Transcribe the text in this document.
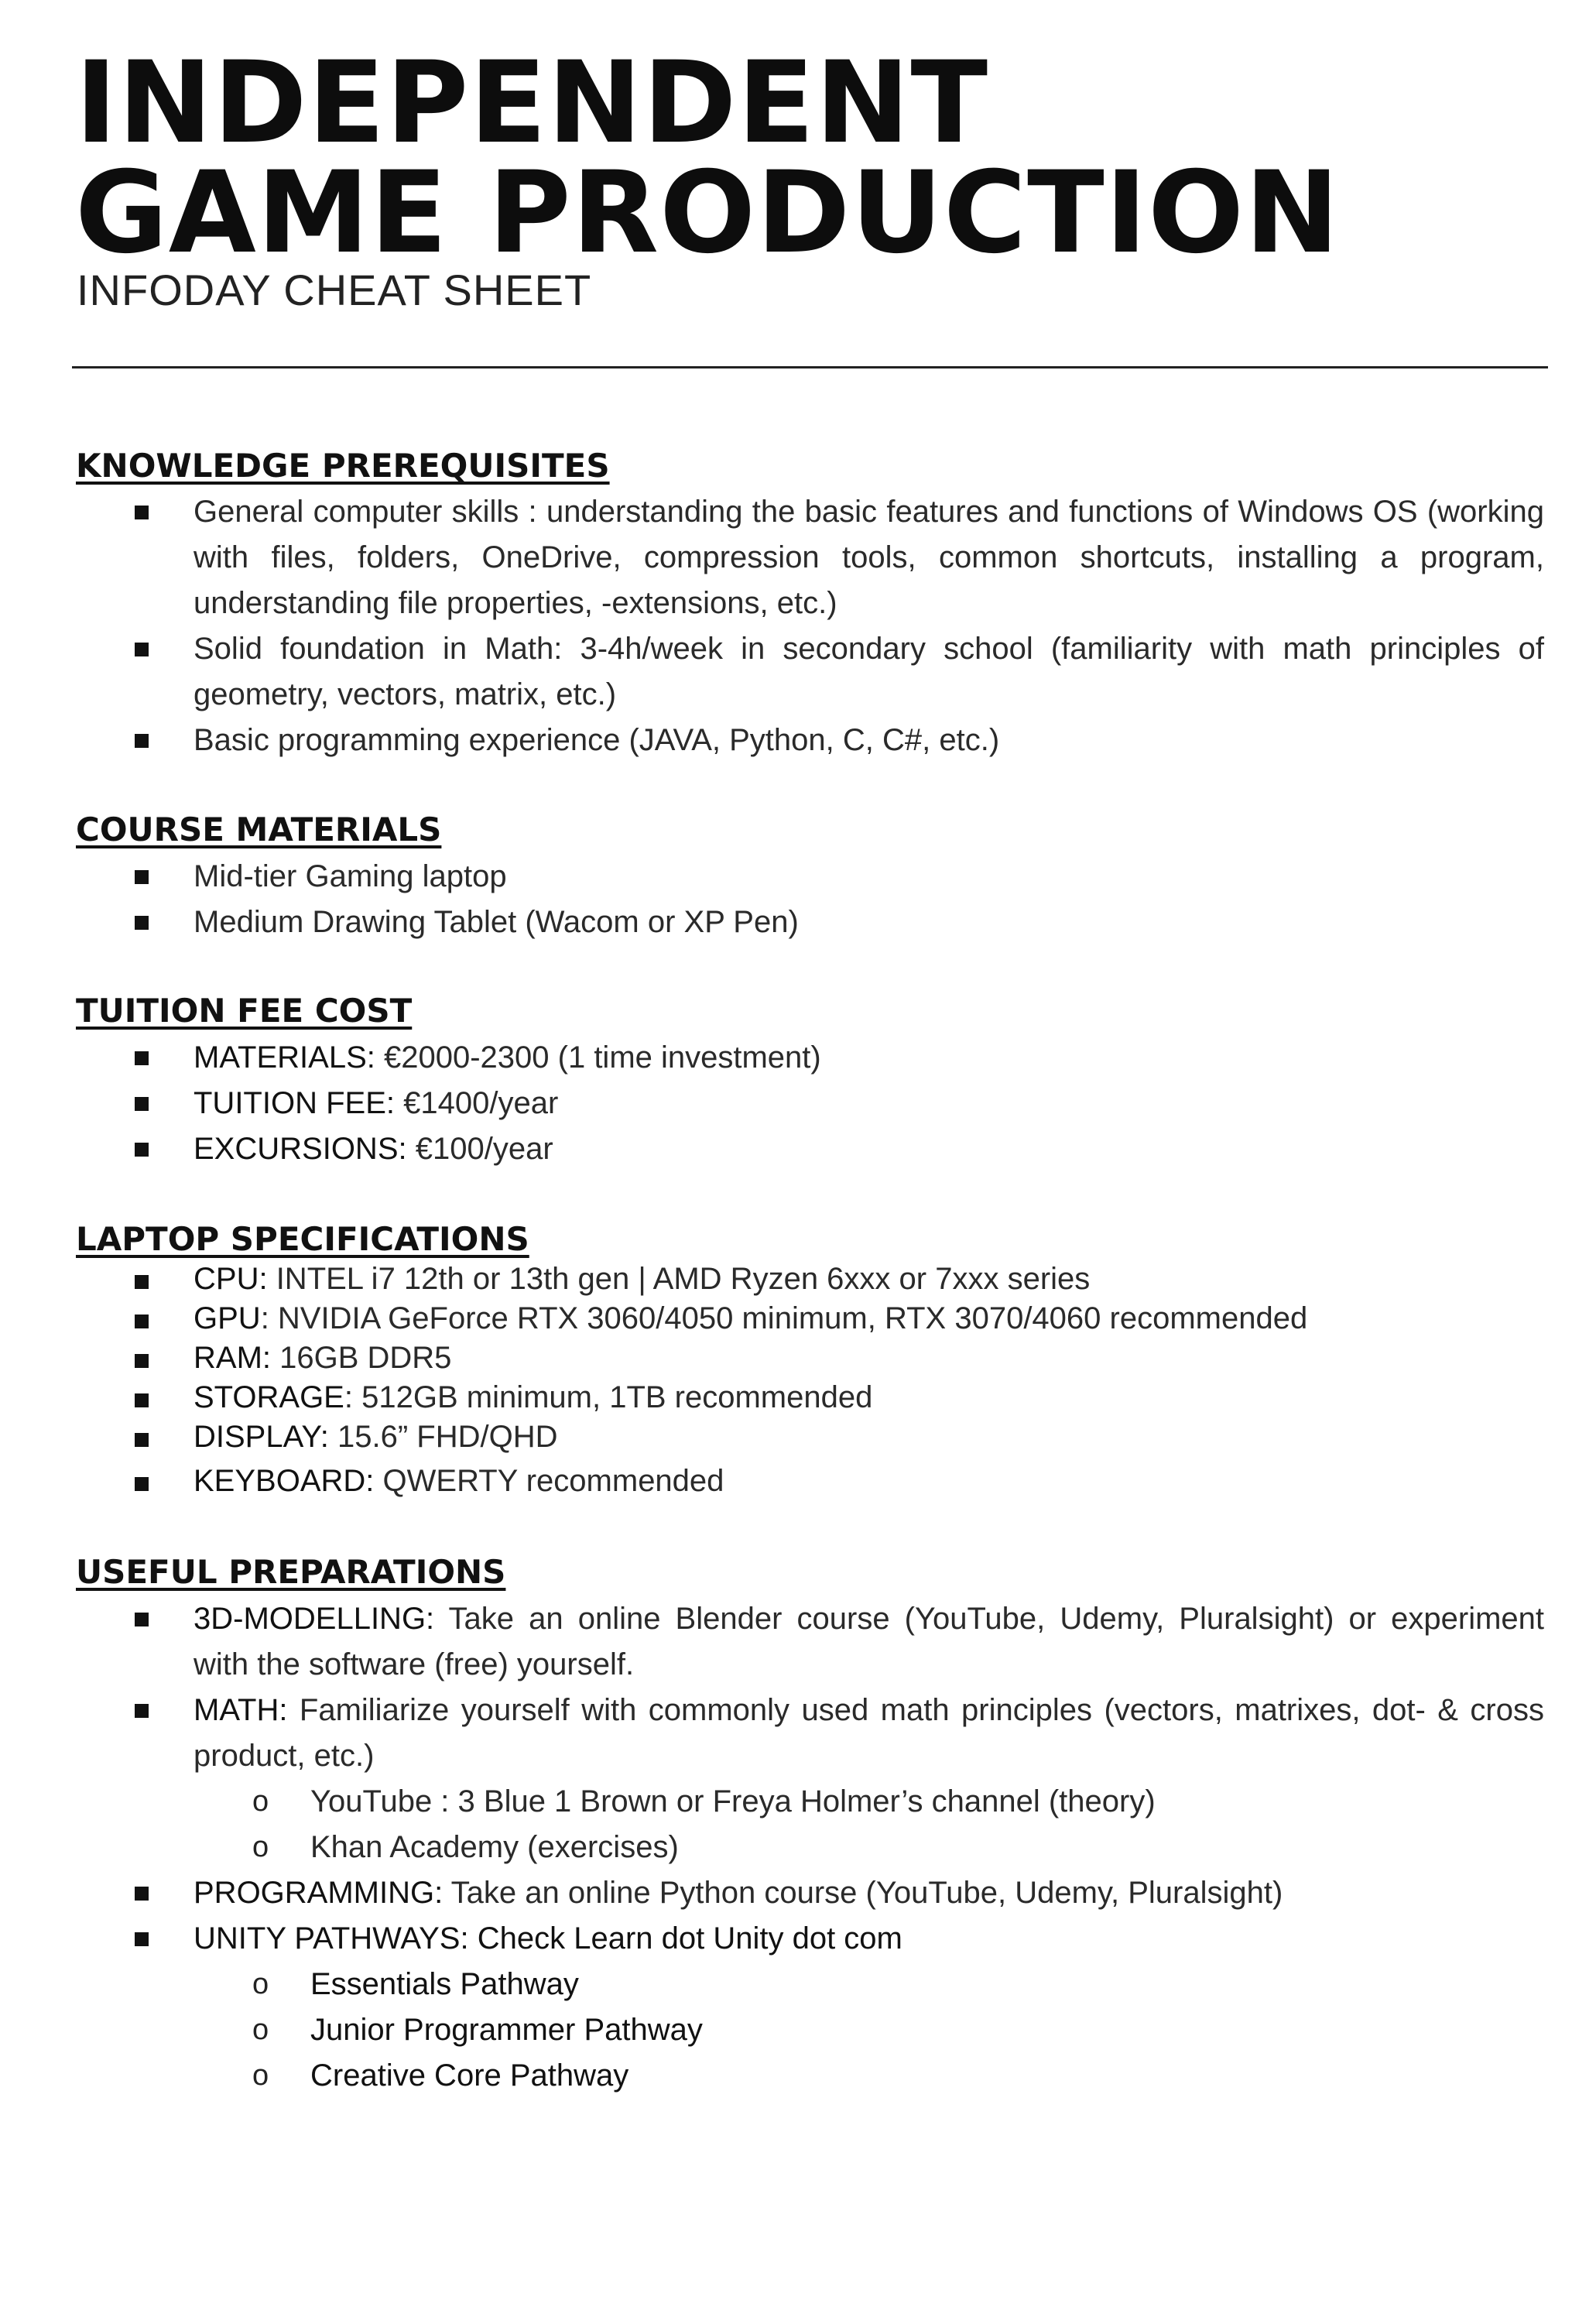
INDEPENDENT
GAME PRODUCTION
INFODAY CHEAT SHEET
KNOWLEDGE PREREQUISITES
General computer skills : understanding the basic features and functions of Windows OS (working with files, folders, OneDrive, compression tools, common shortcuts, installing a program, understanding file properties, -extensions, etc.)
Solid foundation in Math: 3-4h/week in secondary school (familiarity with math principles of geometry, vectors, matrix, etc.)
Basic programming experience (JAVA, Python, C, C#, etc.)
COURSE MATERIALS
Mid-tier Gaming laptop
Medium Drawing Tablet (Wacom or XP Pen)
TUITION FEE COST
MATERIALS: €2000-2300 (1 time investment)
TUITION FEE: €1400/year
EXCURSIONS: €100/year
LAPTOP SPECIFICATIONS
CPU: INTEL i7 12th or 13th gen | AMD Ryzen 6xxx or 7xxx series
GPU: NVIDIA GeForce RTX 3060/4050 minimum, RTX 3070/4060 recommended
RAM: 16GB DDR5
STORAGE: 512GB minimum, 1TB recommended
DISPLAY: 15.6” FHD/QHD
KEYBOARD: QWERTY recommended
USEFUL PREPARATIONS
3D-MODELLING: Take an online Blender course (YouTube, Udemy, Pluralsight) or experiment with the software (free) yourself.
MATH: Familiarize yourself with commonly used math principles (vectors, matrixes, dot- & cross product, etc.)
o YouTube : 3 Blue 1 Brown or Freya Holmer’s channel (theory)
o Khan Academy (exercises)
PROGRAMMING: Take an online Python course (YouTube, Udemy, Pluralsight)
UNITY PATHWAYS: Check Learn dot Unity dot com
o Essentials Pathway
o Junior Programmer Pathway
o Creative Core Pathway
